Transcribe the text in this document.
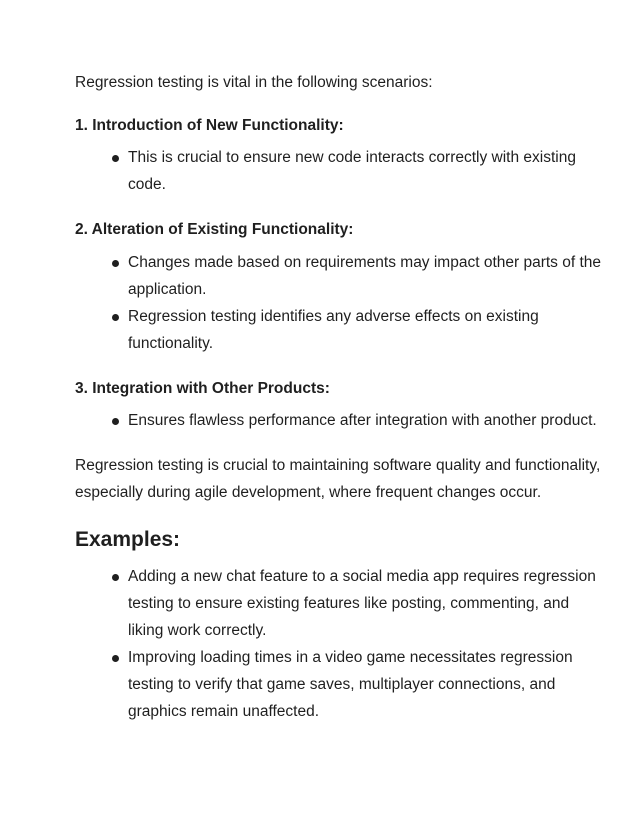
Regression testing is vital in the following scenarios:
1. Introduction of New Functionality:
This is crucial to ensure new code interacts correctly with existing
code.
2. Alteration of Existing Functionality:
Changes made based on requirements may impact other parts of the
application.
Regression testing identifies any adverse effects on existing
functionality.
3. Integration with Other Products:
Ensures flawless performance after integration with another product.
Regression testing is crucial to maintaining software quality and functionality,
especially during agile development, where frequent changes occur.
Examples:
Adding a new chat feature to a social media app requires regression
testing to ensure existing features like posting, commenting, and
liking work correctly.
Improving loading times in a video game necessitates regression
testing to verify that game saves, multiplayer connections, and
graphics remain unaffected.
